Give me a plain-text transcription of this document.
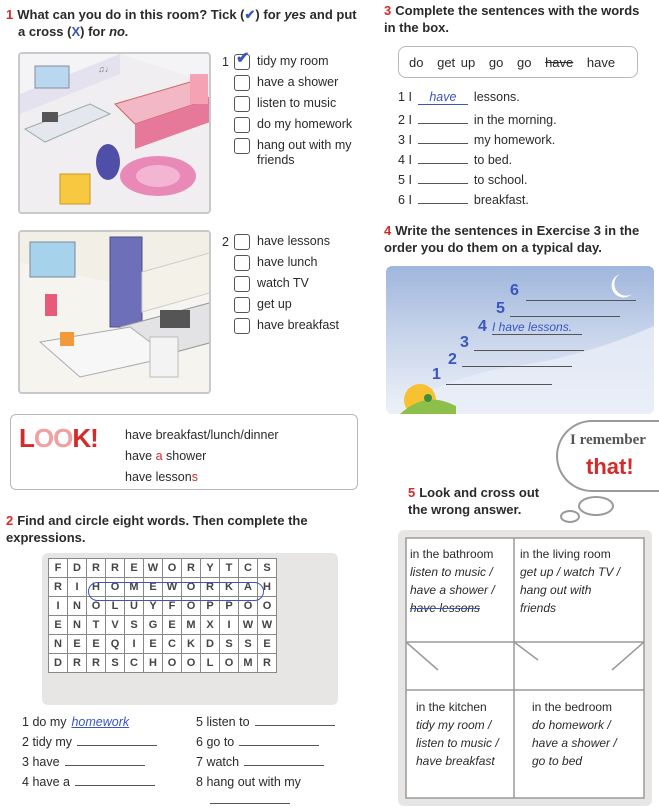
1 What can you do in this room? Tick (✔) for yes and put
a cross (X) for no.
♫♩	1 ✔ tidy my room
have a shower
listen to music
do my homework
hang out with my friends
2 have lessons
have lunch
watch TV
get up
have breakfast
LOOK! have breakfast/lunch/dinner
have a shower
have lessons
I remember
that!
2 Find and circle eight words. Then complete the expressions.
F	D	R	R	E	W	O	R	Y	T	C	S
R	I	H	O	M	E	W	O	R	K	A	H
I	N	O	L	U	Y	F	O	P	P	O	O
E	N	T	V	S	G	E	M	X	I	W	W
N	E	E	Q	I	E	C	K	D	S	S	E
D	R	R	S	C	H	O	O	L	O	M	R
1
do my homework
2
tidy my
3
have
4
have a
5
listen to
6
go to
7
watch
8
hang out with my
3 Complete the sentences with the words in the box.
do get up go go have have
1
I	have	lessons.
2
I	in the morning.
3
I	my homework.
4
I	to bed.
5
I	to school.
6
I	breakfast.
4 Write the sentences in Exercise 3 in the order you do them on a typical day.
1
2
3
4 I have lessons.
5
6
5 Look and cross out the wrong answer.
in the bathroom
listen to music /
have a shower /
have lessons
in the living room
get up / watch TV /
hang out with
friends
in the kitchen
tidy my room /
listen to music /
have breakfast
in the bedroom
do homework /
have a shower /
go to bed
